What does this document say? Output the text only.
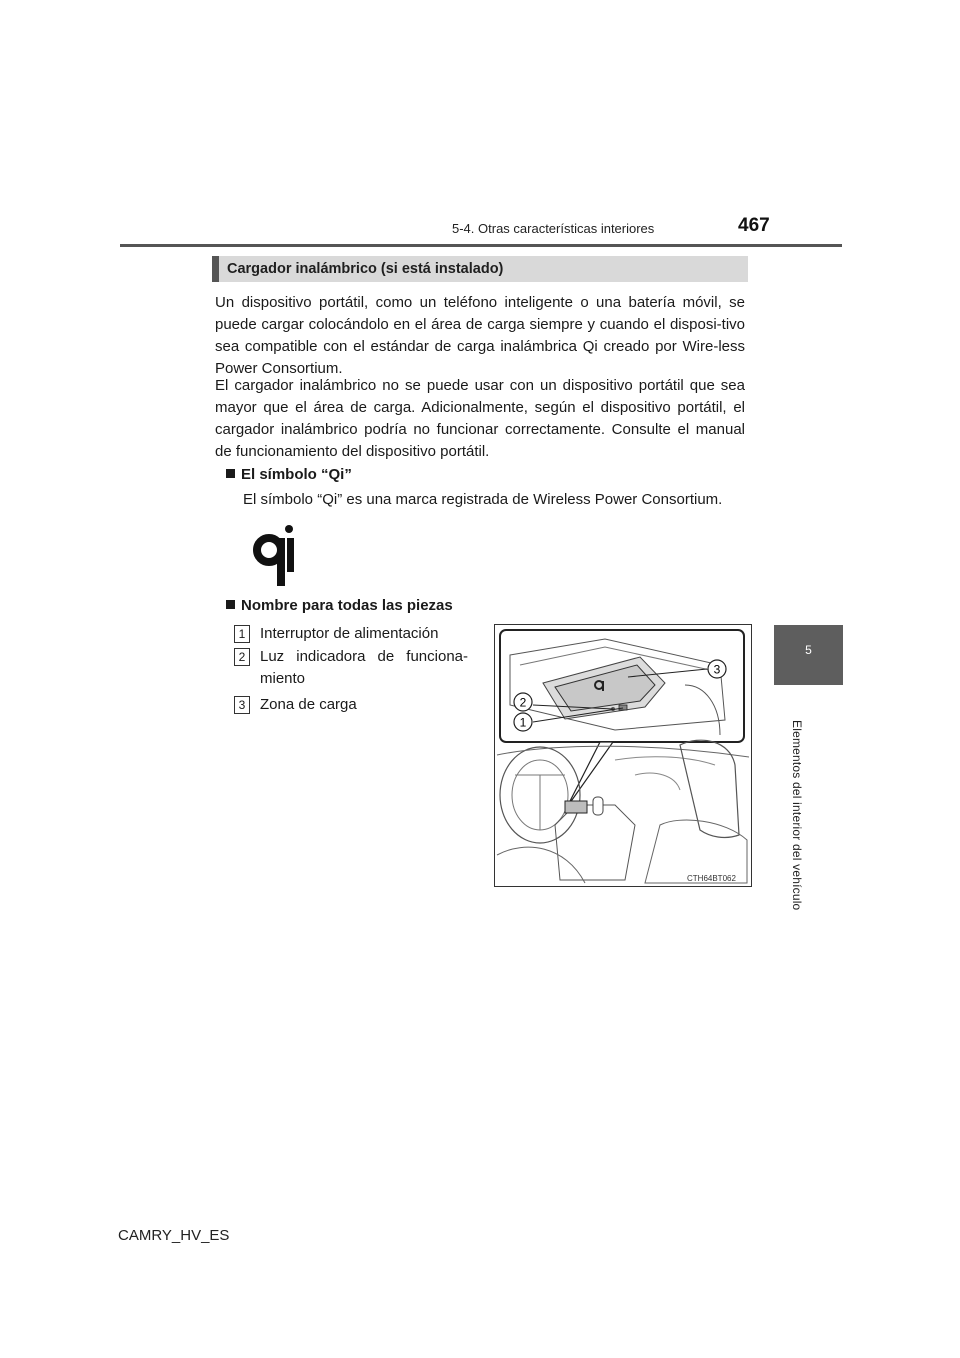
5-4. Otras características interiores	467
5
Elementos del interior del vehículo
Cargador inalámbrico (si está instalado)
Un dispositivo portátil, como un teléfono inteligente o una batería móvil, se puede cargar colocándolo en el área de carga siempre y cuando el disposi-tivo sea compatible con el estándar de carga inalámbrica Qi creado por Wire-less Power Consortium.
El cargador inalámbrico no se puede usar con un dispositivo portátil que sea mayor que el área de carga. Adicionalmente, según el dispositivo portátil, el cargador inalámbrico podría no funcionar correctamente. Consulte el manual de funcionamiento del dispositivo portátil.
El símbolo “Qi”
El símbolo “Qi” es una marca registrada de Wireless Power Consortium.
Nombre para todas las piezas
1 Interruptor de alimentación
2 Luz indicadora de funciona-miento
3 Zona de carga
3
2
1
CTH64BT062
CAMRY_HV_ES
